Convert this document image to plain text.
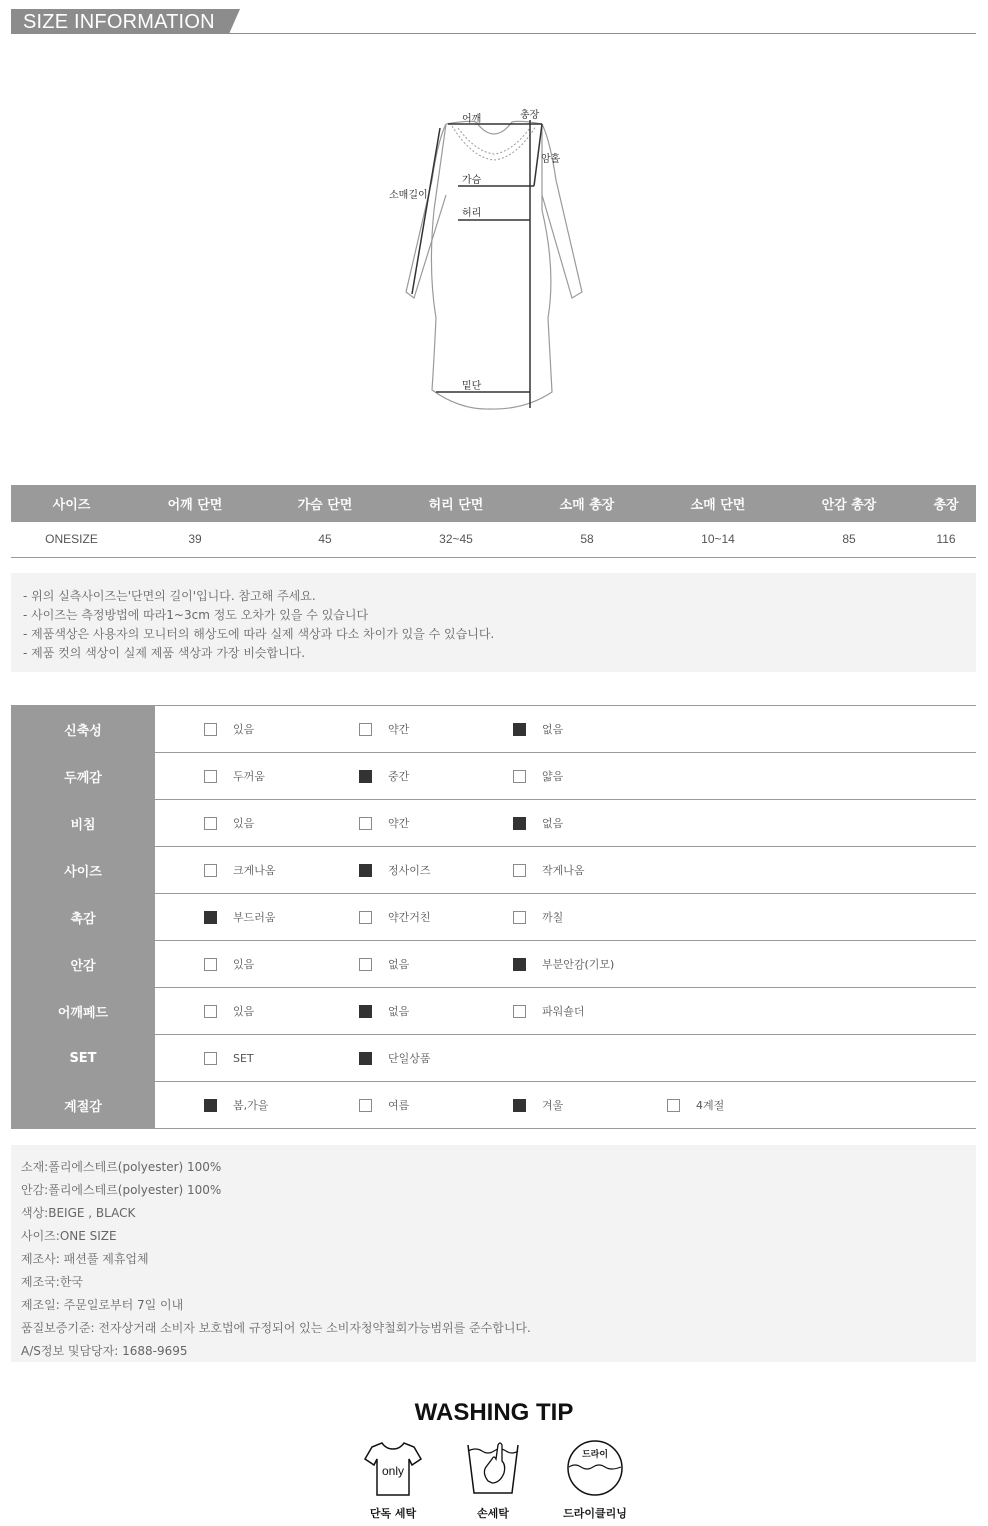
SIZE INFORMATION
어깨	총장
암홀
소매길이
가슴
허리
밑단
사이즈	어깨 단면	가슴 단면	허리 단면	소매 총장	소매 단면	안감 총장	총장
ONESIZE	39	45	32~45	58	10~14	85	116
- 위의 실측사이즈는'단면의 길이'입니다. 참고해 주세요.
- 사이즈는 측정방법에 따라1~3cm 정도 오차가 있을 수 있습니다
- 제품색상은 사용자의 모니터의 해상도에 따라 실제 색상과 다소 차이가 있을 수 있습니다.
- 제품 컷의 색상이 실제 제품 색상과 가장 비슷합니다.
신축성	있음	약간	없음
두께감	두꺼움	중간	얇음
비침	있음	약간	없음
사이즈	크게나옴	정사이즈	작게나옴
촉감	부드러움	약간거친	까칠
안감	있음	없음	부분안감(기모)
어깨페드	있음	없음	파워숄더
SET	SET	단일상품
계절감	봄,가을	여름	겨울	4계절
소재:폴리에스테르(polyester) 100%
안감:폴리에스테르(polyester) 100%
색상:BEIGE , BLACK
사이즈:ONE SIZE
제조사: 패션풀 제휴업체
제조국:한국
제조일: 주문일로부터 7일 이내
품질보증기준: 전자상거래 소비자 보호법에 규정되어 있는 소비자청약철회가능범위를 준수합니다.
A/S정보 및담당자: 1688-9695
WASHING TIP
only
단독 세탁	손세탁
드라이
드라이클리닝
